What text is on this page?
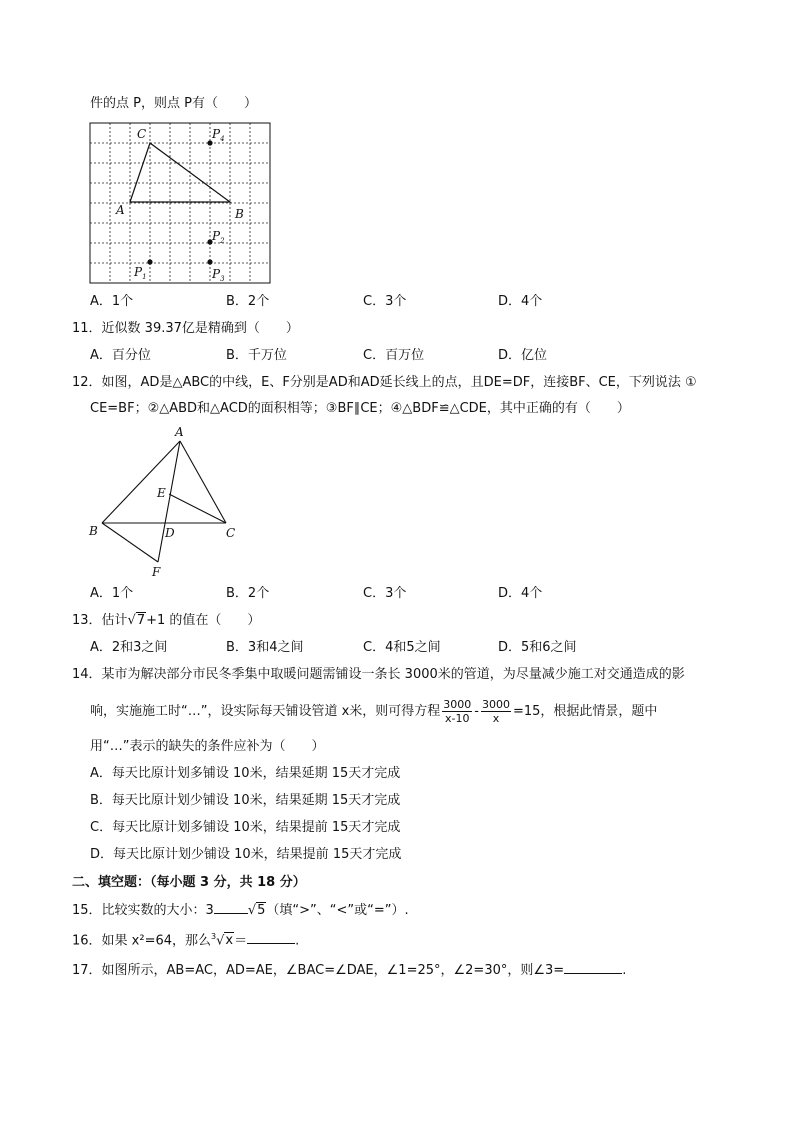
件的点 P，则点 P有（　　）
C	$P_4$
A	B
$P_2$
$P_1$	$P_3$
A．1个	B．2个	C．3个	D．4个
11．近似数 39.37亿是精确到（　　）
A．百分位	B．千万位	C．百万位	D．亿位
12．如图，AD是△ABC的中线，E、F分别是AD和AD延长线上的点，且DE=DF，连接BF、CE，下列说法 ①
CE=BF；②△ABD和△ACD的面积相等；③BF∥CE；④△BDF≌△CDE，其中正确的有（　　）
A
E
B	D	C
F
A．1个	B．2个	C．3个	D．4个
13．估计√7+1 的值在（　　）
A．2和3之间	B．3和4之间	C．4和5之间	D．5和6之间
14．某市为解决部分市民冬季集中取暖问题需铺设一条长 3000米的管道，为尽量减少施工对交通造成的影
响，实施施工时“…”，设实际每天铺设管道 x米，则可得方程 $\frac{3000}{x-10} - \frac{3000}{x} =15$，根据此情景，题中
用“…”表示的缺失的条件应补为（　　）
A．每天比原计划多铺设 10米，结果延期 15天才完成
B．每天比原计划少铺设 10米，结果延期 15天才完成
C．每天比原计划多铺设 10米，结果提前 15天才完成
D．每天比原计划少铺设 10米，结果提前 15天才完成
二、填空题：（每小题 3 分，共 18 分）
15．比较实数的大小：3	√5（填“>”、“<”或“=”）.
16．如果 x²=64，那么$^3$√x＝	.
17．如图所示，AB=AC，AD=AE，∠BAC=∠DAE，∠1=25°，∠2=30°，则∠3=	.
